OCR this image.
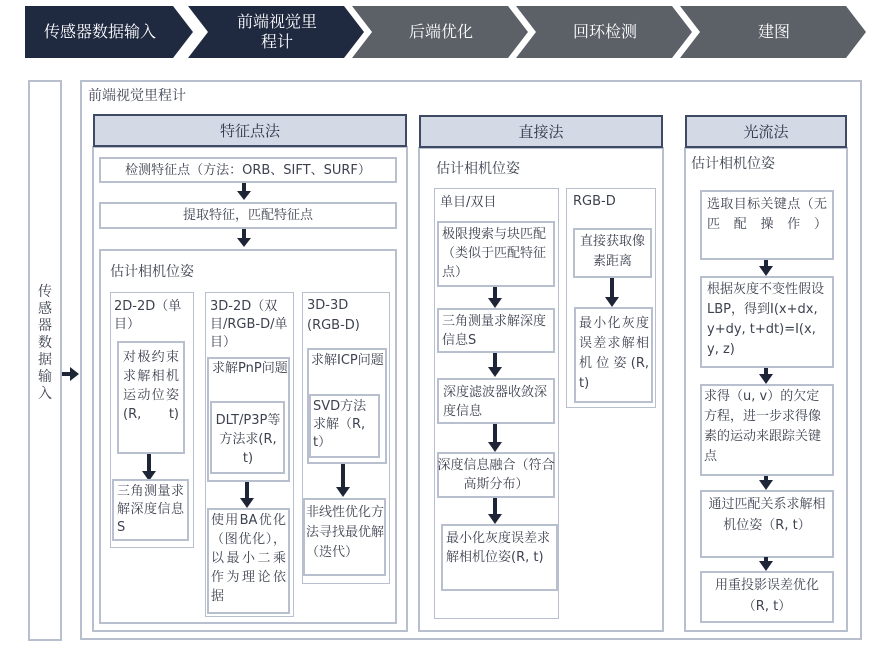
传感器数据输入
前端视觉里
程计
后端优化	回环检测	建图
传感器数据输入
前端视觉里程计
特征点法
检测特征点（方法：ORB、SIFT、SURF）
提取特征，匹配特征点
估计相机位姿
2D-2D（单目）
对极约束求解相机运动位姿(R, t)
三角测量求解深度信息S
3D-2D（双目/RGB-D/单目）
求解PnP问题
DLT/P3P等方法求(R, t)
使用BA优化（图优化），以最小二乘作为理论依据
3D-3D (RGB-D)
求解ICP问题
SVD方法求解（R, t）
非线性优化方法寻找最优解（迭代）
直接法
估计相机位姿
单目/双目
极限搜索与块匹配（类似于匹配特征点）
三角测量求解深度信息S
深度滤波器收敛深度信息
深度信息融合（符合高斯分布）
最小化灰度误差求解相机位姿(R, t)
RGB-D
直接获取像素距离
最小化灰度误差求解相机位姿(R, t)
光流法
估计相机位姿
选取目标关键点（无匹配操作）
根据灰度不变性假设LBP，得到I(x+dx, y+dy, t+dt)=I(x, y, z)
求得（u, v）的欠定方程，进一步求得像素的运动来跟踪关键点
通过匹配关系求解相机位姿（R, t）
用重投影误差优化（R, t）
